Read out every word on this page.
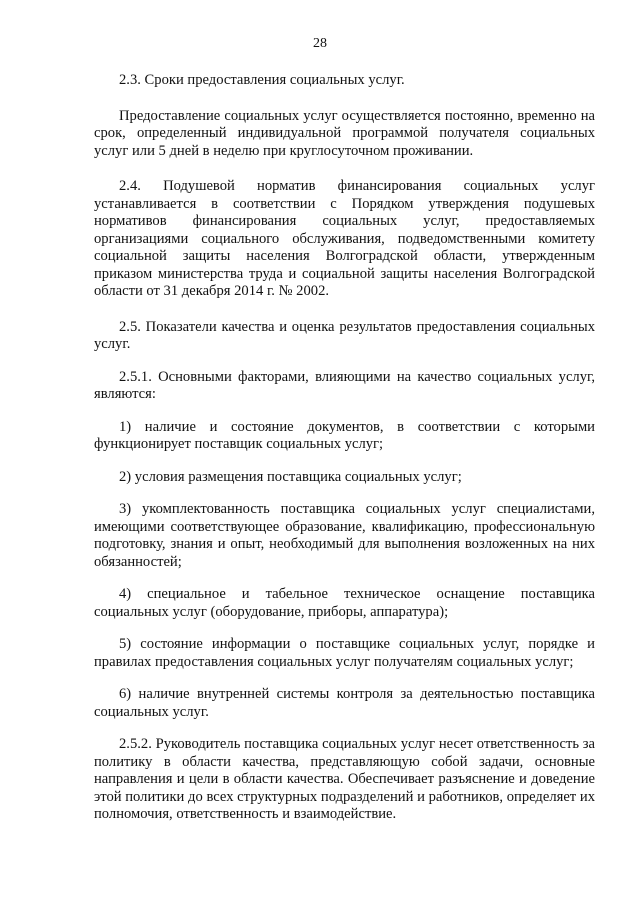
28

2.3. Сроки предоставления социальных услуг.

Предоставление социальных услуг осуществляется постоянно, временно на срок, определенный индивидуальной программой получателя социальных услуг или 5 дней в неделю при круглосуточном проживании.

2.4. Подушевой норматив финансирования социальных услуг устанавливается в соответствии с Порядком утверждения подушевых нормативов финансирования социальных услуг, предоставляемых организациями социального обслуживания, подведомственными комитету социальной защиты населения Волгоградской области, утвержденным приказом министерства труда и социальной защиты населения Волгоградской области от 31 декабря 2014 г. № 2002.

2.5. Показатели качества и оценка результатов предоставления социальных услуг.

2.5.1. Основными факторами, влияющими на качество социальных услуг, являются:

1) наличие и состояние документов, в соответствии с которыми функционирует поставщик социальных услуг;

2) условия размещения поставщика социальных услуг;

3) укомплектованность поставщика социальных услуг специалистами, имеющими соответствующее образование, квалификацию, профессиональную подготовку, знания и опыт, необходимый для выполнения возложенных на них обязанностей;

4) специальное и табельное техническое оснащение поставщика социальных услуг (оборудование, приборы, аппаратура);

5) состояние информации о поставщике социальных услуг, порядке и правилах предоставления социальных услуг получателям социальных услуг;

6) наличие внутренней системы контроля за деятельностью поставщика социальных услуг.

2.5.2. Руководитель поставщика социальных услуг несет ответственность за политику в области качества, представляющую собой задачи, основные направления и цели в области качества. Обеспечивает разъяснение и доведение этой политики до всех структурных подразделений и работников, определяет их полномочия, ответственность и взаимодействие.
